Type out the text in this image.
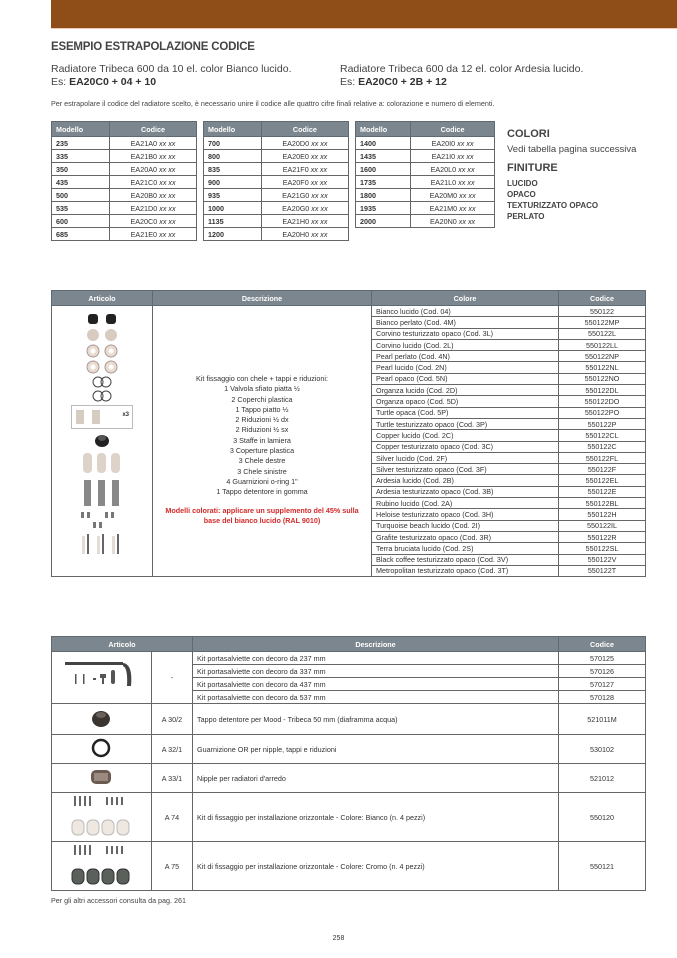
ESEMPIO ESTRAPOLAZIONE CODICE
Radiatore Tribeca 600 da 10 el. color Bianco lucido.
Es: EA20C0 + 04 + 10
Radiatore Tribeca 600 da 12 el. color Ardesia lucido.
Es: EA20C0 + 2B + 12
Per estrapolare il codice del radiatore scelto, è necessario unire il codice alle quattro cifre finali relative a: colorazione e numero di elementi.
Modello	Codice
235	EA21A0 xx xx
335	EA21B0 xx xx
350	EA20A0 xx xx
435	EA21C0 xx xx
500	EA20B0 xx xx
535	EA21D0 xx xx
600	EA20C0 xx xx
685	EA21E0 xx xx
Modello	Codice
700	EA20D0 xx xx
800	EA20E0 xx xx
835	EA21F0 xx xx
900	EA20F0 xx xx
935	EA21G0 xx xx
1000	EA20G0 xx xx
1135	EA21H0 xx xx
1200	EA20H0 xx xx
Modello	Codice
1400	EA20I0 xx xx
1435	EA21I0 xx xx
1600	EA20L0 xx xx
1735	EA21L0 xx xx
1800	EA20M0 xx xx
1935	EA21M0 xx xx
2000	EA20N0 xx xx
COLORI
Vedi tabella pagina successiva
FINITURE
LUCIDO
OPACO
TEXTURIZZATO OPACO
PERLATO
Articolo	Descrizione	Colore	Codice

x3

Kit fissaggio con chele + tappi e riduzioni:
1 Valvola sfiato piatta ½
2 Coperchi plastica
1 Tappo piatto ½
2 Riduzioni ½ dx
2 Riduzioni ½ sx
3 Staffe in lamiera
3 Coperture plastica
3 Chele destre
3 Chele sinistre
4 Guarnizioni o-ring 1"
1 Tappo detentore in gomma
Modelli colorati: applicare un supplemento del 45% sulla base del bianco lucido (RAL 9010)
	Bianco lucido (Cod. 04)	550122
		Bianco perlato (Cod. 4M)	550122MP
		Corvino testurizzato opaco (Cod. 3L)	550122L
		Corvino lucido (Cod. 2L)	550122LL
		Pearl perlato (Cod. 4N)	550122NP
		Pearl lucido (Cod. 2N)	550122NL
		Pearl opaco (Cod. 5N)	550122NO
		Organza lucido (Cod. 2D)	550122DL
		Organza opaco (Cod. 5D)	550122DO
		Turtle opaca (Cod. 5P)	550122PO
		Turtle testurizzato opaco (Cod. 3P)	550122P
		Copper lucido (Cod. 2C)	550122CL
		Copper testurizzato opaco (Cod. 3C)	550122C
		Silver lucido (Cod. 2F)	550122FL
		Silver testurizzato opaco (Cod. 3F)	550122F
		Ardesia lucido (Cod. 2B)	550122EL
		Ardesia testurizzato opaco (Cod. 3B)	550122E
		Rubino lucido (Cod. 2A)	550122BL
		Heloise testurizzato opaco (Cod. 3H)	550122H
		Turquoise beach lucido (Cod. 2I)	550122IL
		Grafite testurizzato opaco (Cod. 3R)	550122R
		Terra bruciata lucido (Cod. 2S)	550122SL
		Black coffee testurizzato opaco (Cod. 3V)	550122V
		Metropolitan testurizzato opaco (Cod. 3T)	550122T
Articolo		Descrizione	Codice
	-	Kit portasalviette con decoro da 237 mm	570125
		Kit portasalviette con decoro da 337 mm	570126
		Kit portasalviette con decoro da 437 mm	570127
		Kit portasalviette con decoro da 537 mm	570128
	A 30/2	Tappo detentore per Mood - Tribeca 50 mm (diaframma acqua)	521011M
	A 32/1	Guarnizione OR per nipple, tappi e riduzioni	530102
	A 33/1	Nipple per radiatori d'arredo	521012
	A 74	Kit di fissaggio per installazione orizzontale - Colore: Bianco (n. 4 pezzi)	550120
	A 75	Kit di fissaggio per installazione orizzontale - Colore: Cromo (n. 4 pezzi)	550121
Per gli altri accessori consulta da pag. 261
258
